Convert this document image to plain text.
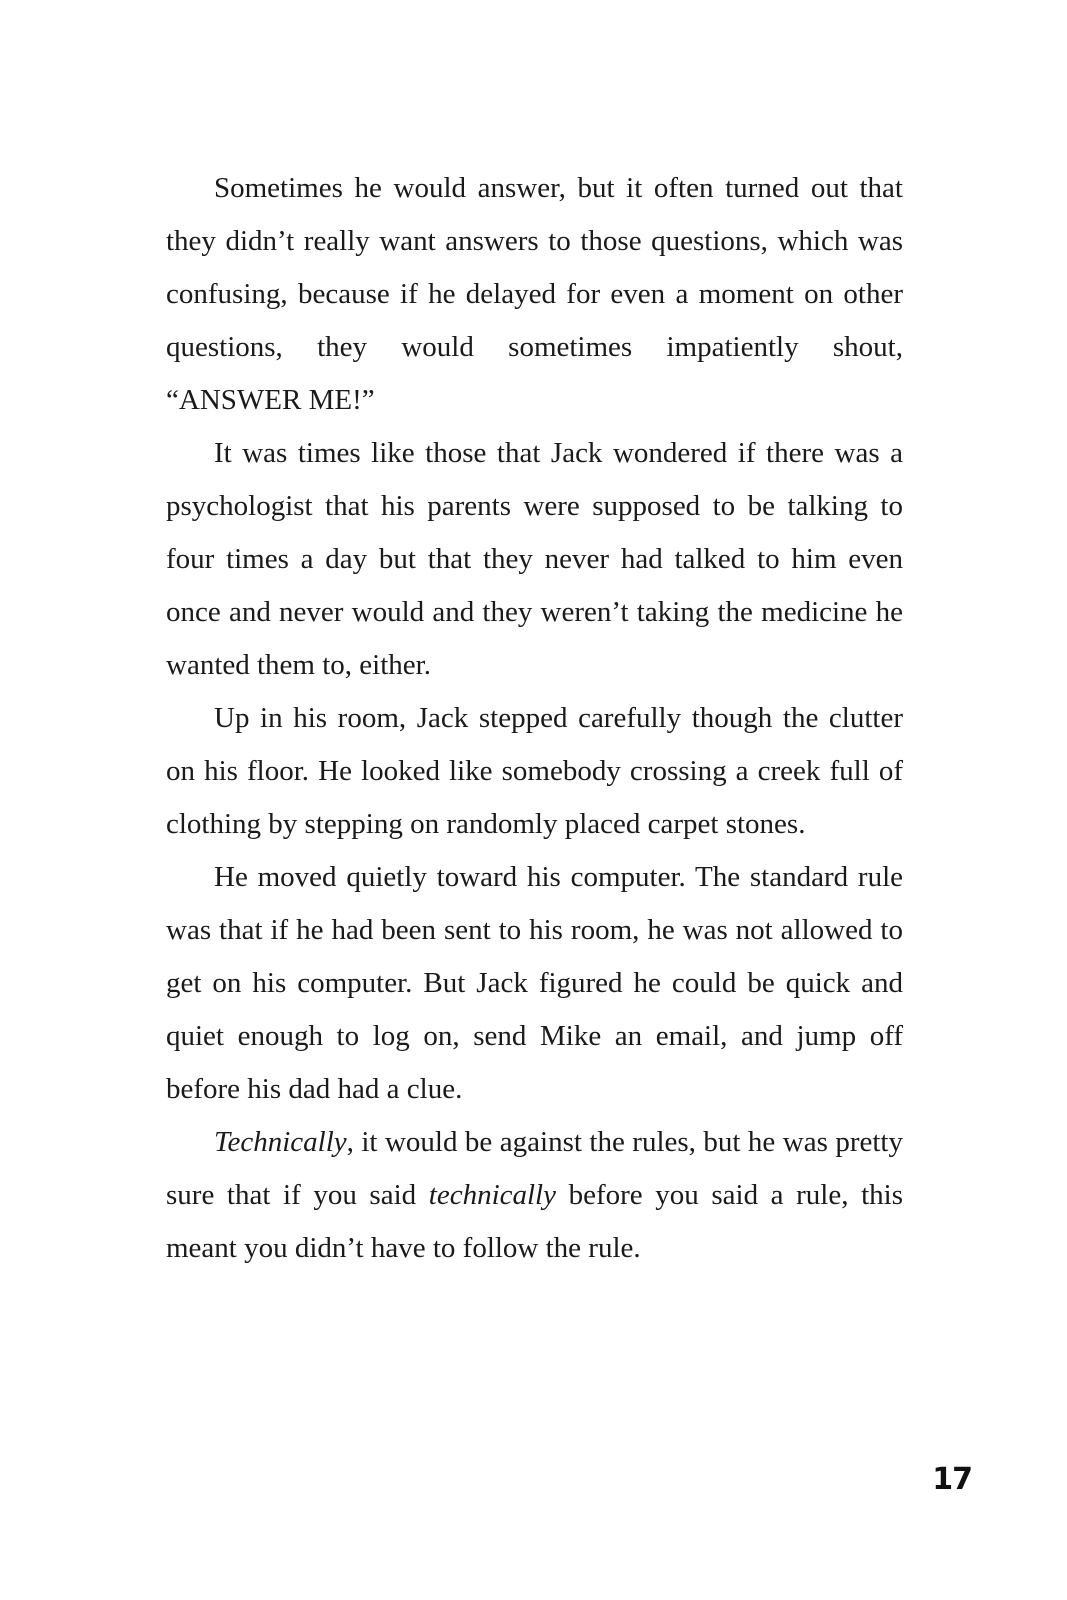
Sometimes he would answer, but it often turned out that they didn’t really want answers to those questions, which was confusing, because if he delayed for even a moment on other questions, they would sometimes impatiently shout, “ANSWER ME!”

It was times like those that Jack wondered if there was a psychologist that his parents were supposed to be talking to four times a day but that they never had talked to him even once and never would and they weren’t taking the medicine he wanted them to, either.

Up in his room, Jack stepped carefully though the clutter on his floor. He looked like somebody crossing a creek full of clothing by stepping on randomly placed carpet stones.

He moved quietly toward his computer. The standard rule was that if he had been sent to his room, he was not allowed to get on his computer. But Jack figured he could be quick and quiet enough to log on, send Mike an email, and jump off before his dad had a clue.

Technically, it would be against the rules, but he was pretty sure that if you said technically before you said a rule, this meant you didn’t have to follow the rule.

17
